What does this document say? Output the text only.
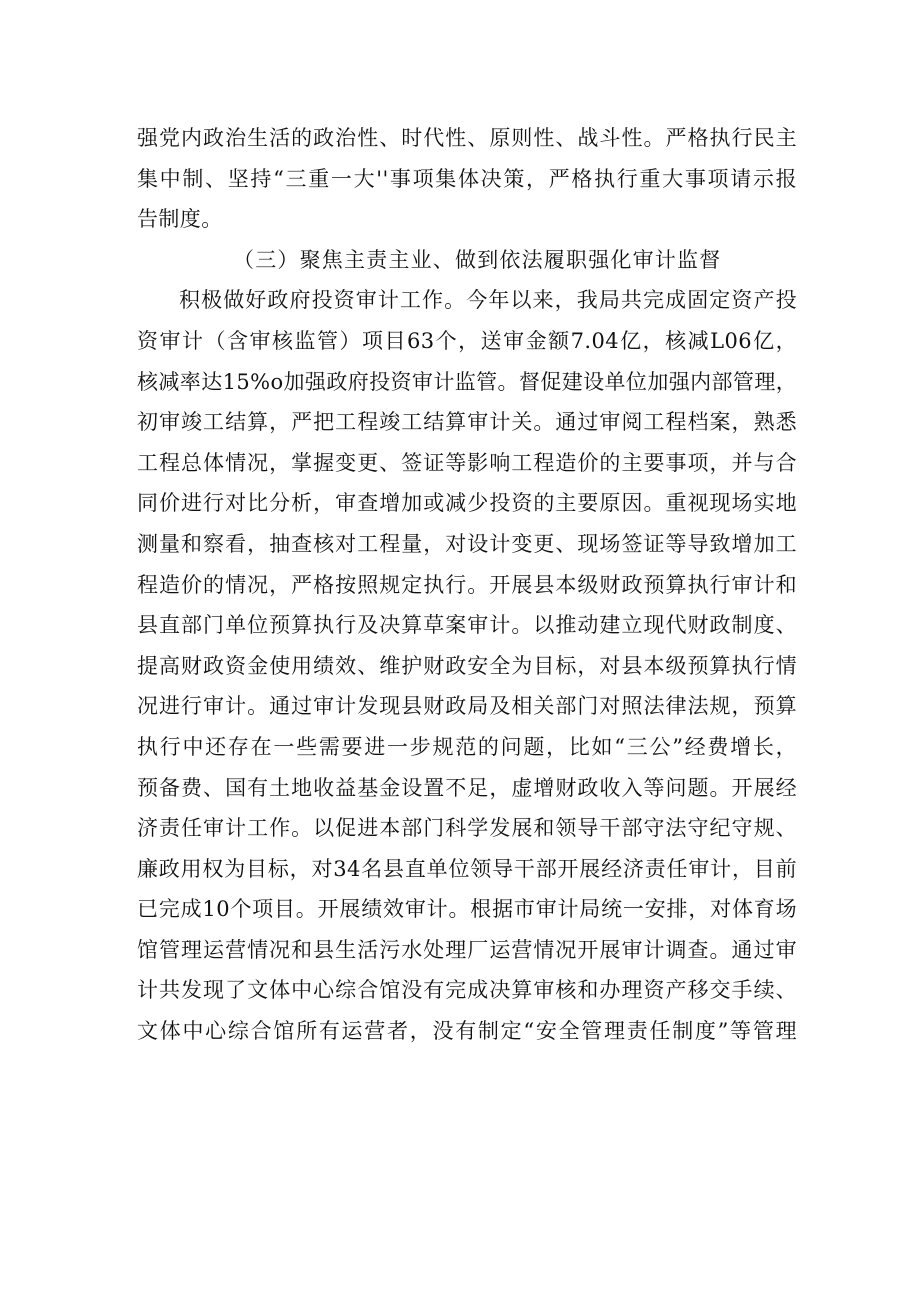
强党内政治生活的政治性、时代性、原则性、战斗性。严格执行民主
集中制、坚持“三重一大''事项集体决策，严格执行重大事项请示报
告制度。
（三）聚焦主责主业、做到依法履职强化审计监督
积极做好政府投资审计工作。今年以来，我局共完成固定资产投
资审计（含审核监管）项目63个，送审金额7.04亿，核减L06亿，
核减率达15%o加强政府投资审计监管。督促建设单位加强内部管理，
初审竣工结算，严把工程竣工结算审计关。通过审阅工程档案，熟悉
工程总体情况，掌握变更、签证等影响工程造价的主要事项，并与合
同价进行对比分析，审查增加或减少投资的主要原因。重视现场实地
测量和察看，抽查核对工程量，对设计变更、现场签证等导致增加工
程造价的情况，严格按照规定执行。开展县本级财政预算执行审计和
县直部门单位预算执行及决算草案审计。以推动建立现代财政制度、
提高财政资金使用绩效、维护财政安全为目标，对县本级预算执行情
况进行审计。通过审计发现县财政局及相关部门对照法律法规，预算
执行中还存在一些需要进一步规范的问题，比如“三公”经费增长，
预备费、国有土地收益基金设置不足，虚增财政收入等问题。开展经
济责任审计工作。以促进本部门科学发展和领导干部守法守纪守规、
廉政用权为目标，对34名县直单位领导干部开展经济责任审计，目前
已完成10个项目。开展绩效审计。根据市审计局统一安排，对体育场
馆管理运营情况和县生活污水处理厂运营情况开展审计调查。通过审
计共发现了文体中心综合馆没有完成决算审核和办理资产移交手续、
文体中心综合馆所有运营者，没有制定“安全管理责任制度”等管理
